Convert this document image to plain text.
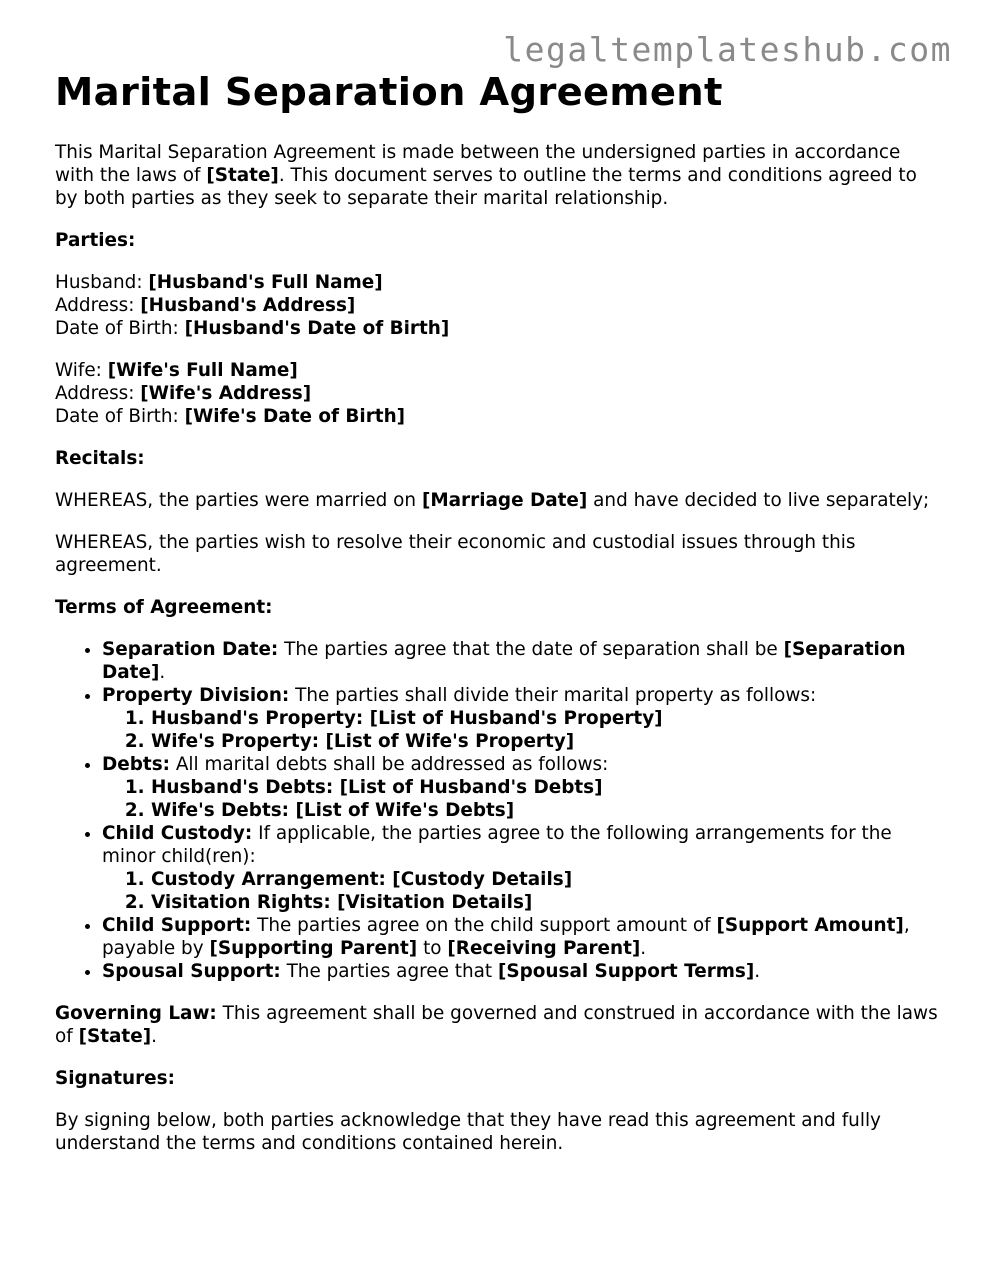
legaltemplateshub.com
Marital Separation Agreement

This Marital Separation Agreement is made between the undersigned parties in accordance with the laws of [State]. This document serves to outline the terms and conditions agreed to by both parties as they seek to separate their marital relationship.

Parties:

Husband: [Husband's Full Name]
Address: [Husband's Address]
Date of Birth: [Husband's Date of Birth]
Wife: [Wife's Full Name]
Address: [Wife's Address]
Date of Birth: [Wife's Date of Birth]

Recitals:

WHEREAS, the parties were married on [Marriage Date] and have decided to live separately;

WHEREAS, the parties wish to resolve their economic and custodial issues through this agreement.

Terms of Agreement:

• Separation Date: The parties agree that the date of separation shall be [Separation Date].
• Property Division: The parties shall divide their marital property as follows:
1. Husband's Property: [List of Husband's Property]
2. Wife's Property: [List of Wife's Property]
• Debts: All marital debts shall be addressed as follows:
1. Husband's Debts: [List of Husband's Debts]
2. Wife's Debts: [List of Wife's Debts]
• Child Custody: If applicable, the parties agree to the following arrangements for the minor child(ren):
1. Custody Arrangement: [Custody Details]
2. Visitation Rights: [Visitation Details]
• Child Support: The parties agree on the child support amount of [Support Amount], payable by [Supporting Parent] to [Receiving Parent].
• Spousal Support: The parties agree that [Spousal Support Terms].

Governing Law: This agreement shall be governed and construed in accordance with the laws of [State].

Signatures:

By signing below, both parties acknowledge that they have read this agreement and fully understand the terms and conditions contained herein.
